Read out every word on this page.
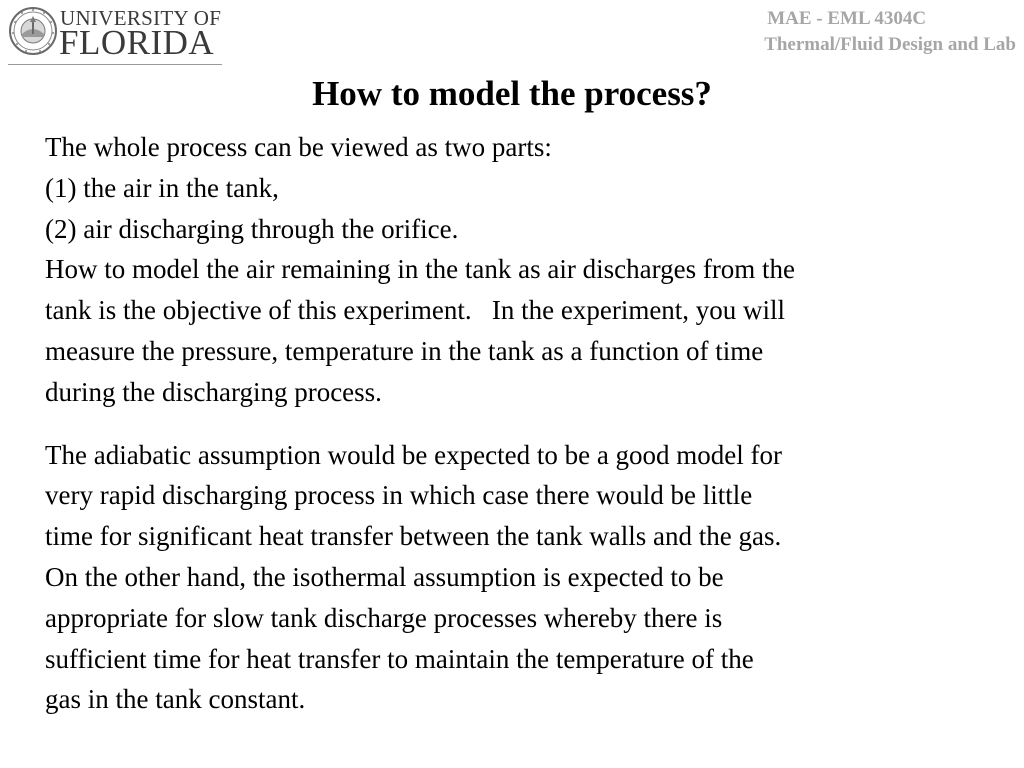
UNIVERSITY OF
FLORIDA
MAE - EML 4304C
Thermal/Fluid Design and Lab
How to model the process?

The whole process can be viewed as two parts:
(1) the air in the tank,
(2) air discharging through the orifice.
How to model the air remaining in the tank as air discharges from the
tank is the objective of this experiment.   In the experiment, you will
measure the pressure, temperature in the tank as a function of time
during the discharging process.

The adiabatic assumption would be expected to be a good model for
very rapid discharging process in which case there would be little
time for significant heat transfer between the tank walls and the gas.
On the other hand, the isothermal assumption is expected to be
appropriate for slow tank discharge processes whereby there is
sufficient time for heat transfer to maintain the temperature of the
gas in the tank constant.
